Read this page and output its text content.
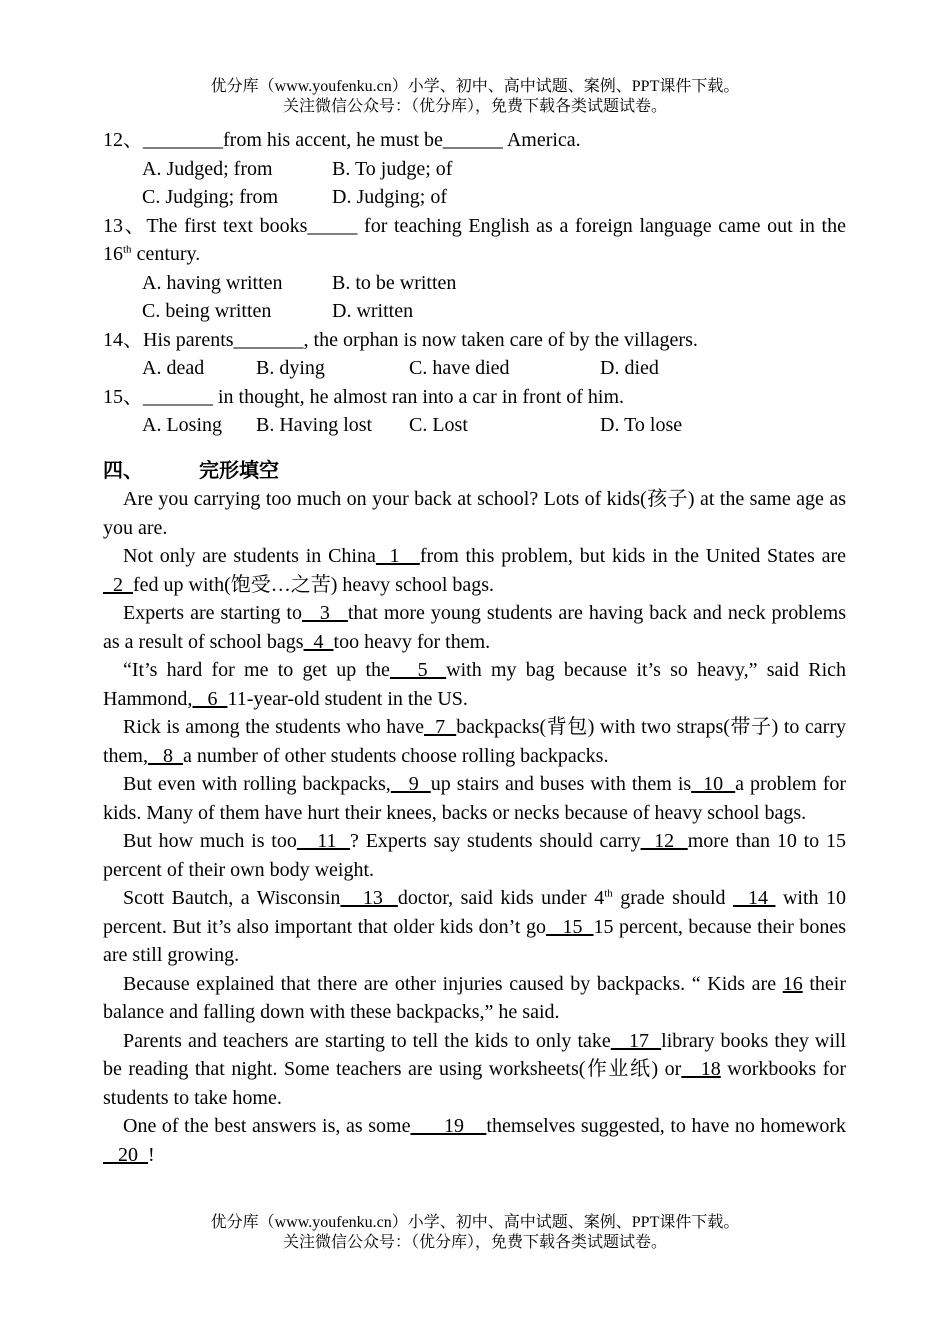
优分库（www.youfenku.cn）小学、初中、高中试题、案例、PPT课件下载。
关注微信公众号：（优分库），免费下载各类试题试卷。
12、________from his accent, he must be______ America.
A. Judged; from	B. To judge; of
C. Judging; from	D. Judging; of
13、The first text books_____ for teaching English as a foreign language came out in the 16th century.
A. having written	B. to be written
C. being written	D. written
14、His parents_______, the orphan is now taken care of by the villagers.
A. dead	B. dying	C. have died	D. died
15、_______ in thought, he almost ran into a car in front of him.
A. Losing	B. Having lost	C. Lost	D. To lose
四、	完形填空
Are you carrying too much on your back at school? Lots of kids(孩子) at the same age as you are.
Not only are students in China  1   from this problem, but kids in the United States are  2  fed up with(饱受…之苦) heavy school bags.
Experts are starting to   3   that more young students are having back and neck problems as a result of school bags  4  too heavy for them.
“It’s hard for me to get up the   5  with my bag because it’s so heavy,” said Rich Hammond,   6  11-year-old student in the US.
Rick is among the students who have  7  backpacks(背包) with two straps(带子) to carry them,   8  a number of other students choose rolling backpacks.
But even with rolling backpacks,   9  up stairs and buses with them is  10  a problem for kids. Many of them have hurt their knees, backs or necks because of heavy school bags.
But how much is too   11  ? Experts say students should carry  12  more than 10 to 15 percent of their own body weight.
Scott Bautch, a Wisconsin   13  doctor, said kids under 4th grade should   14  with 10 percent. But it’s also important that older kids don’t go   15  15 percent, because their bones are still growing.
Because explained that there are other injuries caused by backpacks. “ Kids are 16 their balance and falling down with these backpacks,” he said.
Parents and teachers are starting to tell the kids to only take   17  library books they will be reading that night. Some teachers are using worksheets(作业纸) or   18 workbooks for students to take home.
One of the best answers is, as some      19    themselves suggested, to have no homework   20  !
优分库（www.youfenku.cn）小学、初中、高中试题、案例、PPT课件下载。
关注微信公众号：（优分库），免费下载各类试题试卷。
